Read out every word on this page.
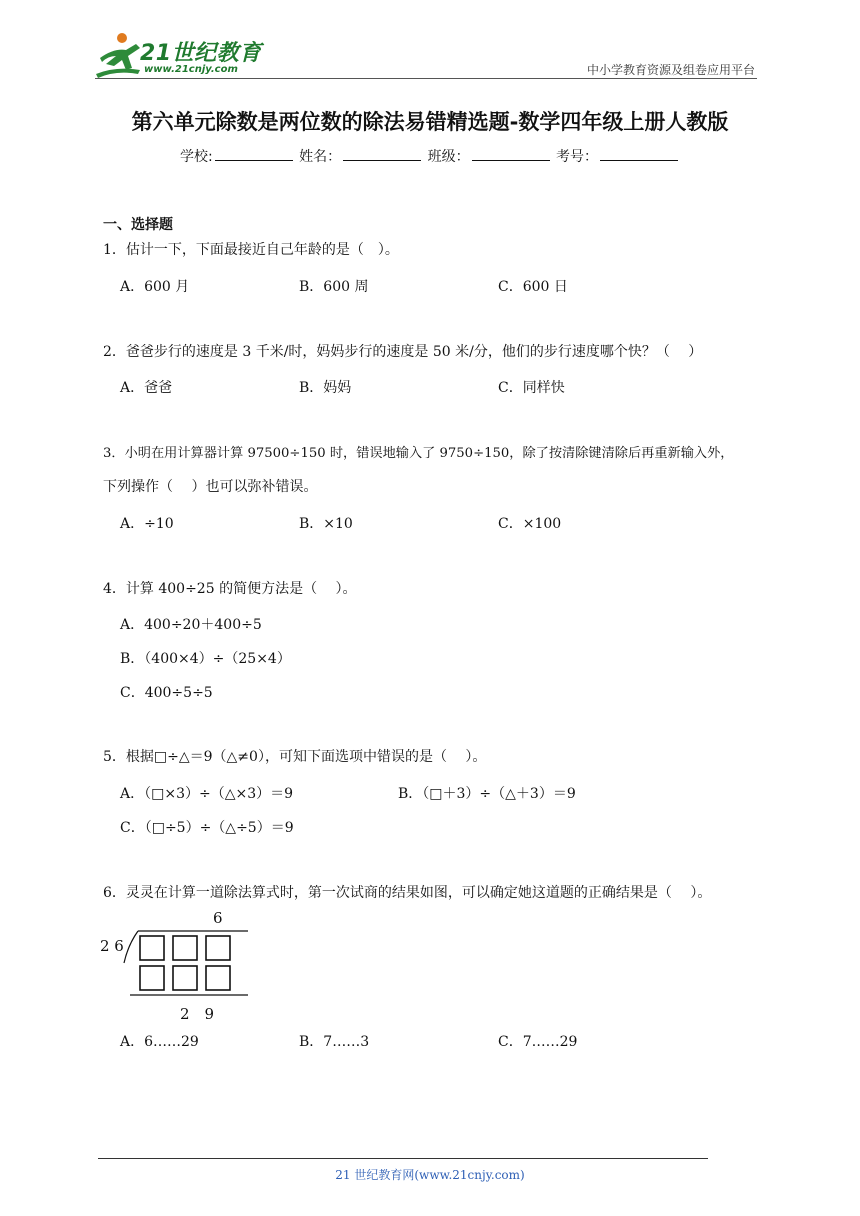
21世纪教育
www.21cnjy.com	中小学教育资源及组卷应用平台
第六单元除数是两位数的除法易错精选题-数学四年级上册人教版
学校:	姓名：	班级：	考号：
一、选择题
1．估计一下，下面最接近自己年龄的是（　）。
A．600 月	B．600 周	C．600 日
2．爸爸步行的速度是 3 千米/时，妈妈步行的速度是 50 米/分，他们的步行速度哪个快？（　 ）
A．爸爸	B．妈妈	C．同样快
3．小明在用计算器计算 97500÷150 时，错误地输入了 9750÷150，除了按清除键清除后再重新输入外，
下列操作（　 ）也可以弥补错误。
A．÷10	B．×10	C．×100
4．计算 400÷25 的简便方法是（　 ）。
A．400÷20＋400÷5
B．（400×4）÷（25×4）
C．400÷5÷5
5．根据□÷△＝9（△≠0），可知下面选项中错误的是（　 ）。
A．（□×3）÷（△×3）＝9	B．（□＋3）÷（△＋3）＝9
C．（□÷5）÷（△÷5）＝9
6．灵灵在计算一道除法算式时，第一次试商的结果如图，可以确定她这道题的正确结果是（　 ）。
6
2 6
2　9
A．6……29	B．7……3	C．7……29
21 世纪教育网(www.21cnjy.com)
